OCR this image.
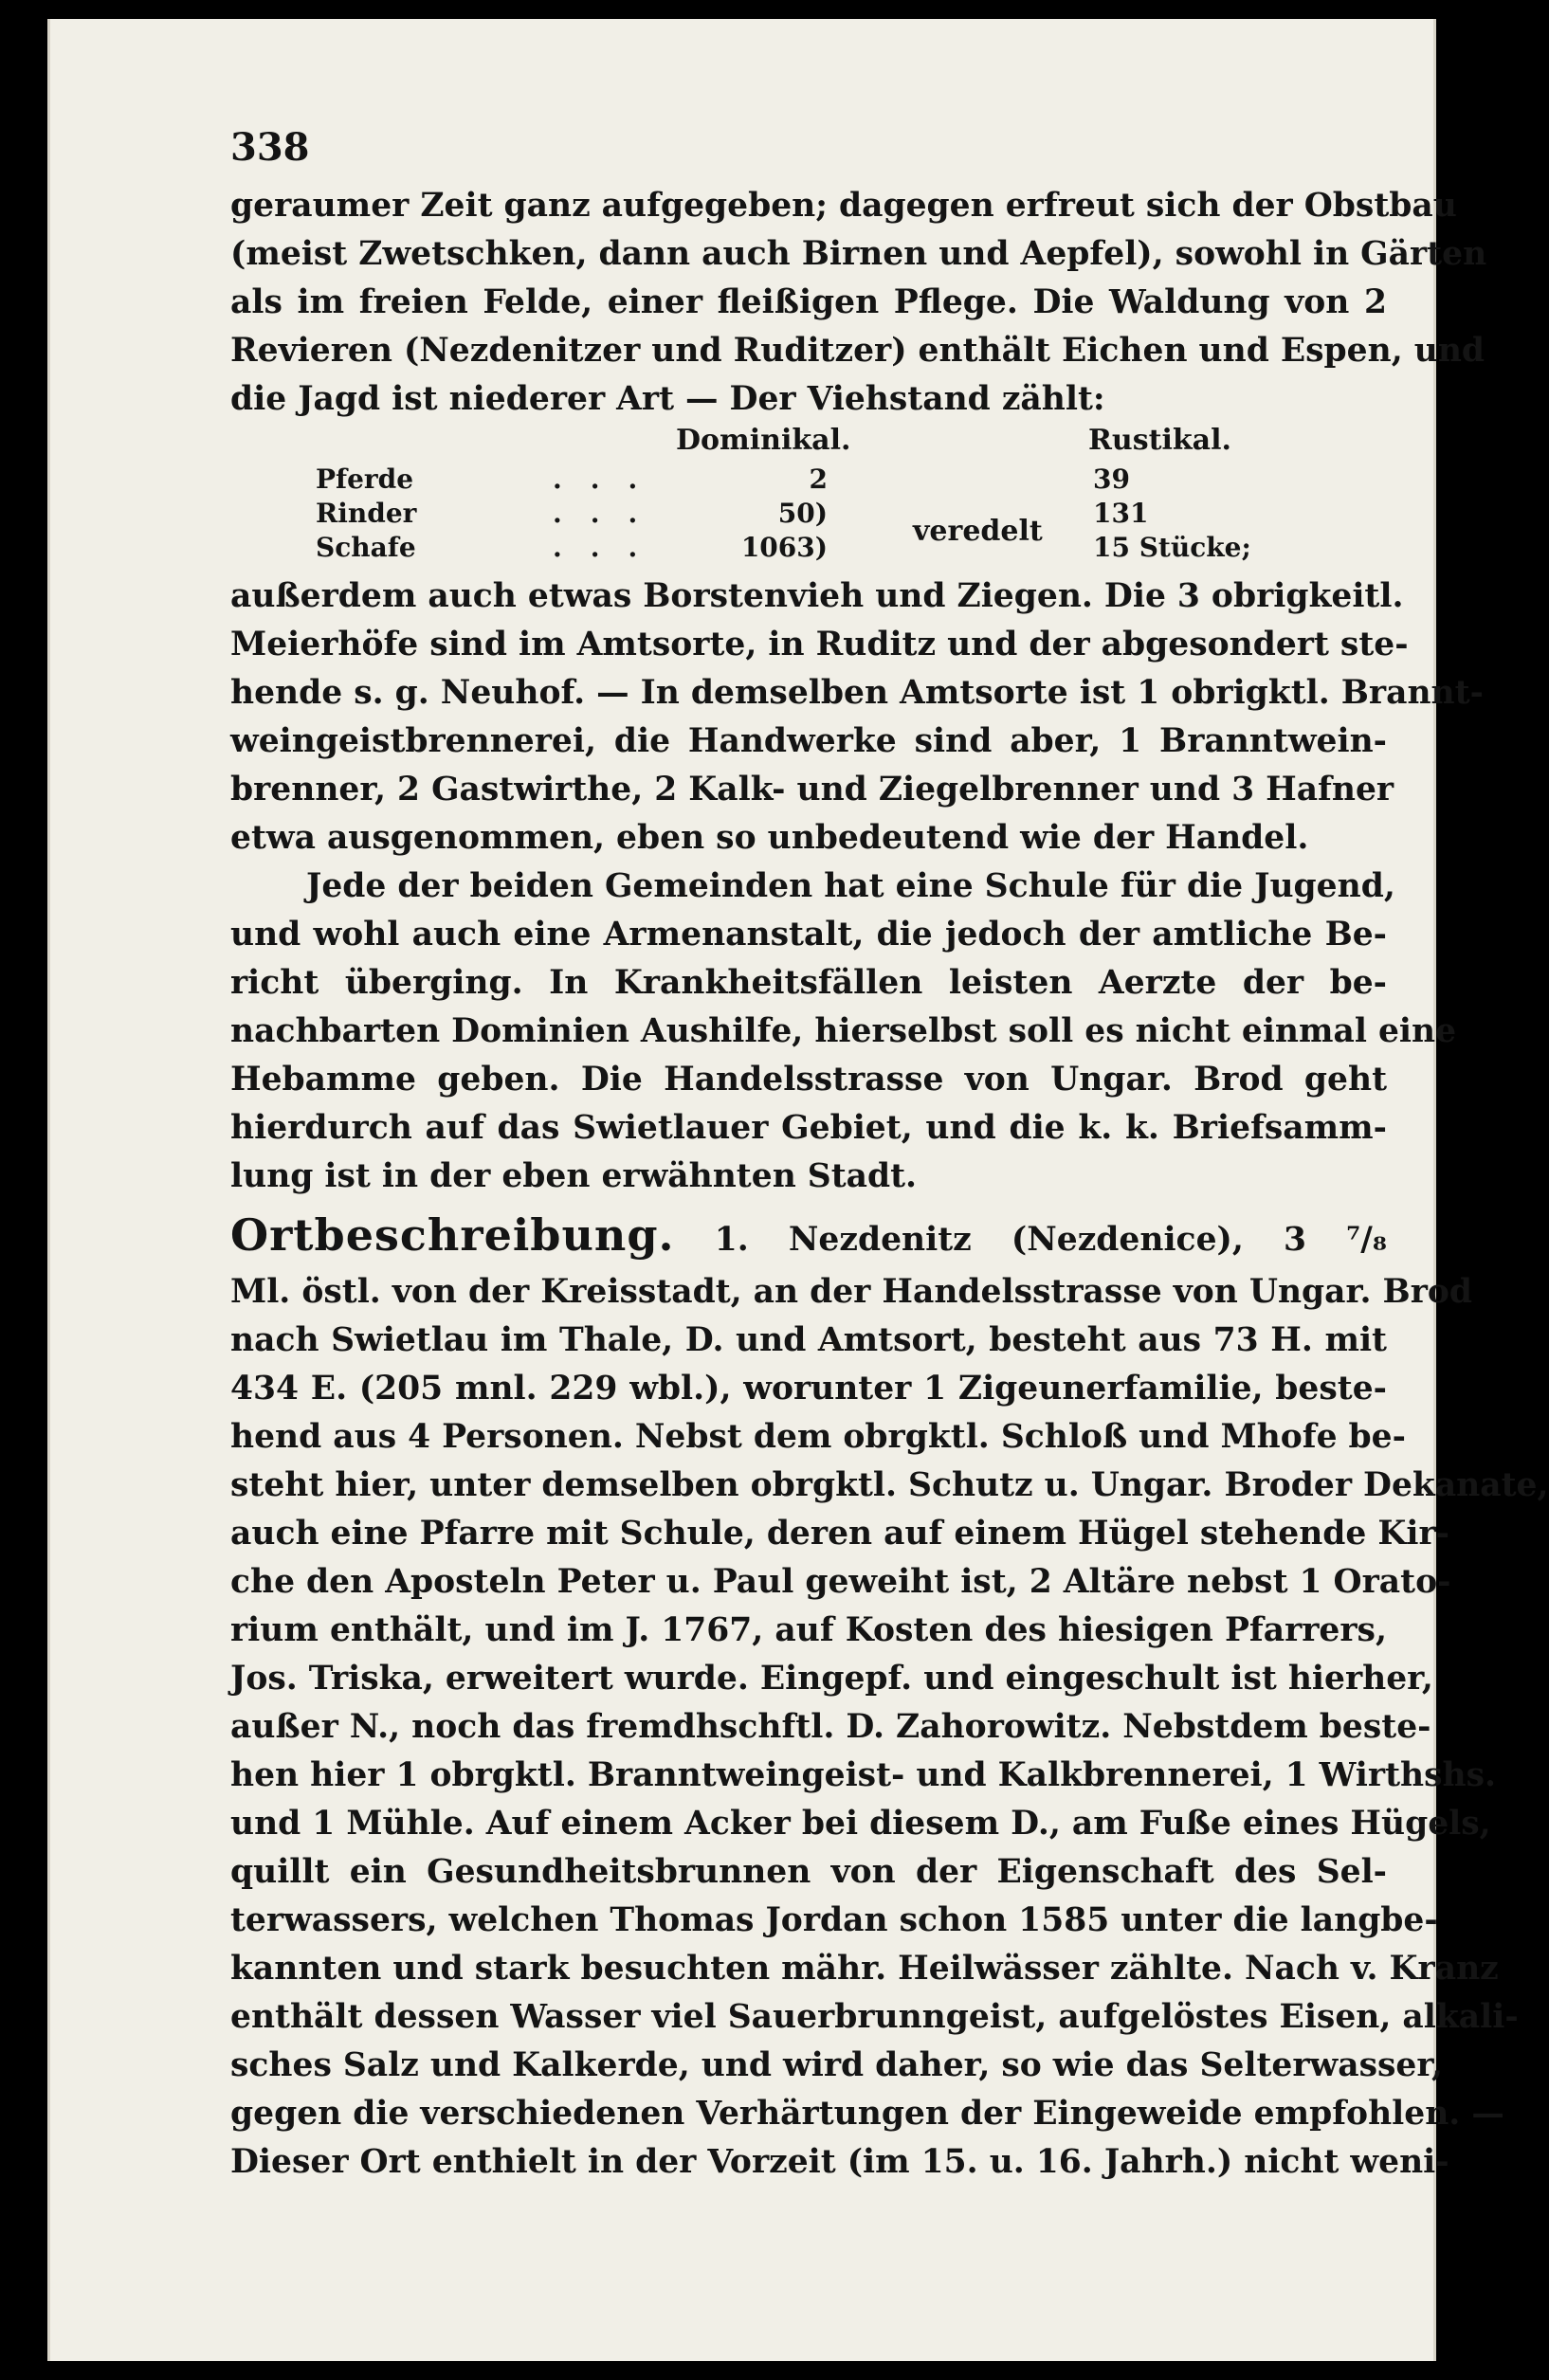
338
geraumer Zeit ganz aufgegeben; dagegen erfreut sich der Obstbau
(meist Zwetschken, dann auch Birnen und Aepfel), sowohl in Gärten
als im freien Felde, einer fleißigen Pflege. Die Waldung von 2
Revieren (Nezdenitzer und Ruditzer) enthält Eichen und Espen, und
die Jagd ist niederer Art — Der Viehstand zählt:
Dominikal.	Rustikal.
Pferde	...	2	39
Rinder	...	50)	131
Schafe	...	1063)	15 Stücke;
veredelt
außerdem auch etwas Borstenvieh und Ziegen. Die 3 obrigkeitl.
Meierhöfe sind im Amtsorte, in Ruditz und der abgesondert ste-
hende s. g. Neuhof. — In demselben Amtsorte ist 1 obrigktl. Brannt-
weingeistbrennerei, die Handwerke sind aber, 1 Branntwein-
brenner, 2 Gastwirthe, 2 Kalk- und Ziegelbrenner und 3 Hafner
etwa ausgenommen, eben so unbedeutend wie der Handel.
Jede der beiden Gemeinden hat eine Schule für die Jugend,
und wohl auch eine Armenanstalt, die jedoch der amtliche Be-
richt überging. In Krankheitsfällen leisten Aerzte der be-
nachbarten Dominien Aushilfe, hierselbst soll es nicht einmal eine
Hebamme geben. Die Handelsstrasse von Ungar. Brod geht
hierdurch auf das Swietlauer Gebiet, und die k. k. Briefsamm-
lung ist in der eben erwähnten Stadt.
Ortbeschreibung. 1. Nezdenitz (Nezdenice), 3 ⁷/₈
Ml. östl. von der Kreisstadt, an der Handelsstrasse von Ungar. Brod
nach Swietlau im Thale, D. und Amtsort, besteht aus 73 H. mit
434 E. (205 mnl. 229 wbl.), worunter 1 Zigeunerfamilie, beste-
hend aus 4 Personen. Nebst dem obrgktl. Schloß und Mhofe be-
steht hier, unter demselben obrgktl. Schutz u. Ungar. Broder Dekanate,
auch eine Pfarre mit Schule, deren auf einem Hügel stehende Kir-
che den Aposteln Peter u. Paul geweiht ist, 2 Altäre nebst 1 Orato-
rium enthält, und im J. 1767, auf Kosten des hiesigen Pfarrers,
Jos. Triska, erweitert wurde. Eingepf. und eingeschult ist hierher,
außer N., noch das fremdhschftl. D. Zahorowitz. Nebstdem beste-
hen hier 1 obrgktl. Branntweingeist- und Kalkbrennerei, 1 Wirthshs.
und 1 Mühle. Auf einem Acker bei diesem D., am Fuße eines Hügels,
quillt ein Gesundheitsbrunnen von der Eigenschaft des Sel-
terwassers, welchen Thomas Jordan schon 1585 unter die langbe-
kannten und stark besuchten mähr. Heilwässer zählte. Nach v. Kranz
enthält dessen Wasser viel Sauerbrunngeist, aufgelöstes Eisen, alkali-
sches Salz und Kalkerde, und wird daher, so wie das Selterwasser,
gegen die verschiedenen Verhärtungen der Eingeweide empfohlen. —
Dieser Ort enthielt in der Vorzeit (im 15. u. 16. Jahrh.) nicht weni-
